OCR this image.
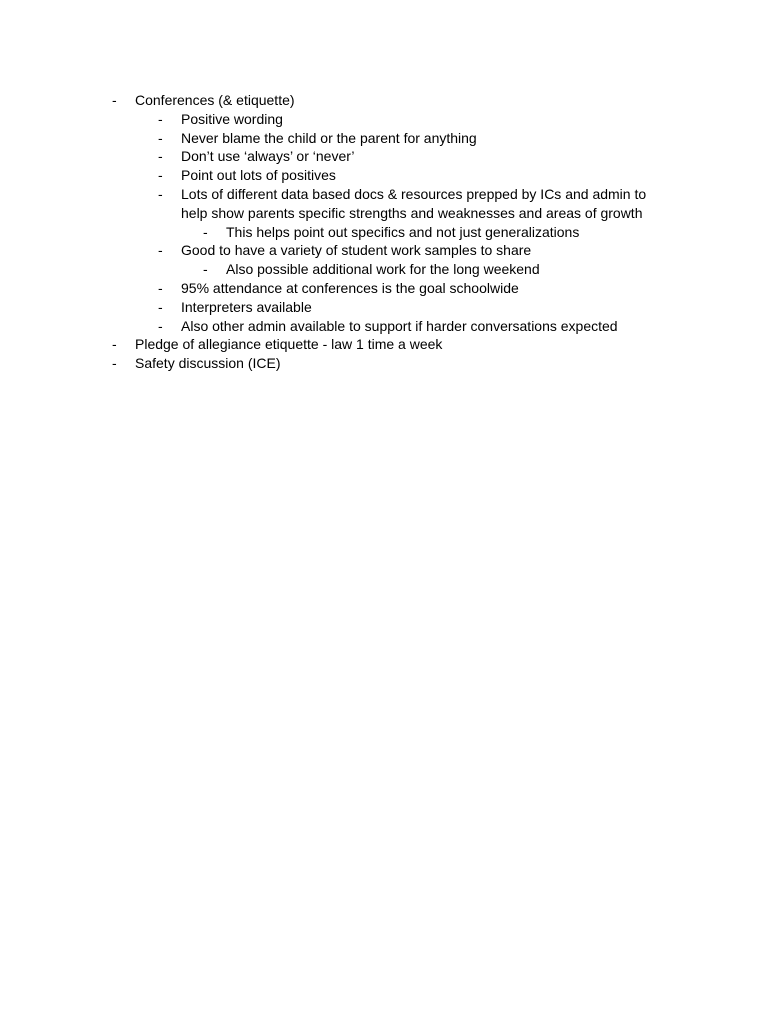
- Conferences (& etiquette)
- Positive wording
- Never blame the child or the parent for anything
- Don’t use ‘always’ or ‘never’
- Point out lots of positives
- Lots of different data based docs & resources prepped by ICs and admin to help show parents specific strengths and weaknesses and areas of growth
- This helps point out specifics and not just generalizations
- Good to have a variety of student work samples to share
- Also possible additional work for the long weekend
- 95% attendance at conferences is the goal schoolwide
- Interpreters available
- Also other admin available to support if harder conversations expected
- Pledge of allegiance etiquette - law 1 time a week
- Safety discussion (ICE)
